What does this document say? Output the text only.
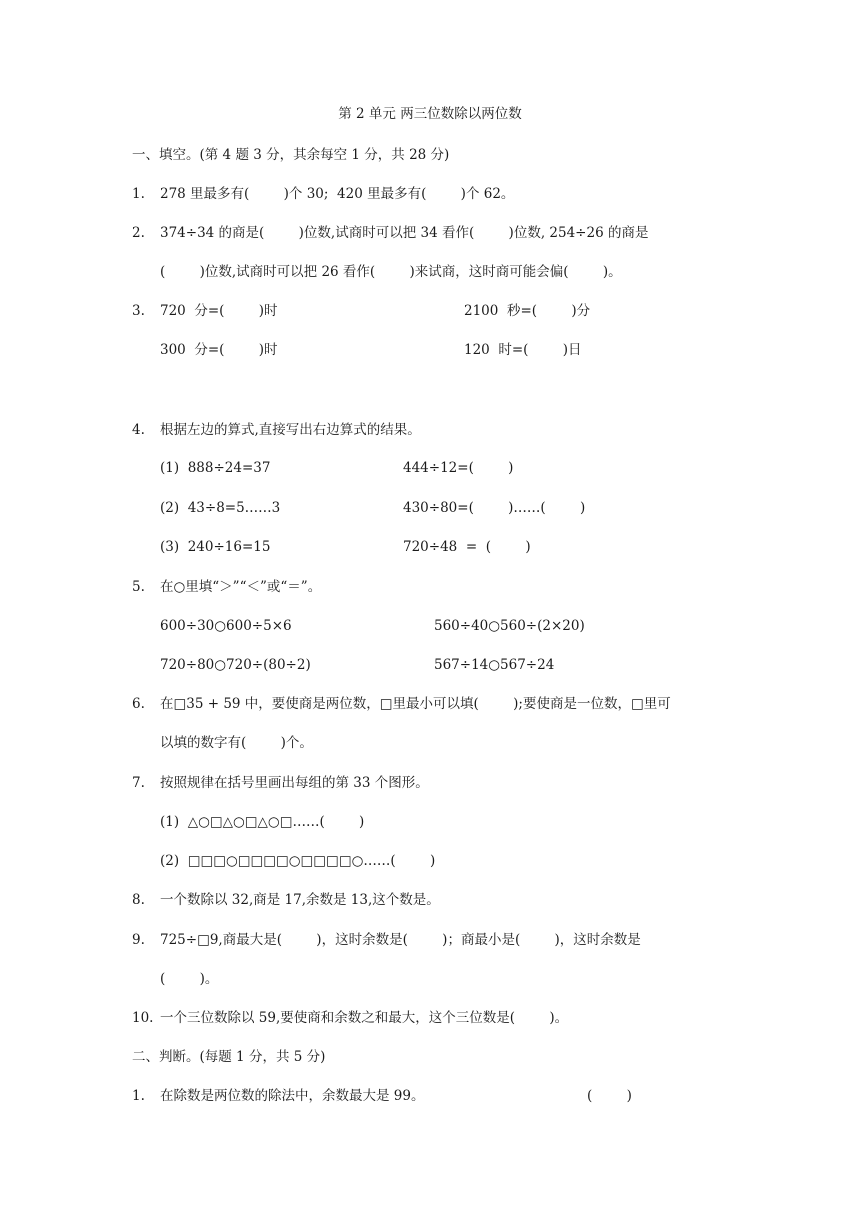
第 2 单元 两三位数除以两位数
一、填空。(第 4 题 3 分，其余每空 1 分，共 28 分)
1. 278 里最多有(        )个 30;  420 里最多有(        )个 62。
2. 374÷34 的商是(        )位数,试商时可以把 34 看作(        )位数, 254÷26 的商是
(        )位数,试商时可以把 26 看作(        )来试商，这时商可能会偏(        )。
3. 720  分=(        )时	2100  秒=(        )分
300  分=(        )时	120  时=(        )日
4. 根据左边的算式,直接写出右边算式的结果。
(1)  888÷24=37	444÷12=(        )
(2)  43÷8=5……3	430÷80=(        )……(        )
(3)  240÷16=15	720÷48  =  (        )
5. 在○里填“＞”“＜”或“＝”。
600÷30○600÷5×6	560÷40○560÷(2×20)
720÷80○720÷(80÷2)	567÷14○567÷24
6. 在□35 + 59 中，要使商是两位数，□里最小可以填(        );要使商是一位数，□里可
以填的数字有(        )个。
7. 按照规律在括号里画出每组的第 33 个图形。
(1)  △○□△○□△○□……(        )
(2)  □□□○□□□□○□□□□○……(        )
8. 一个数除以 32,商是 17,余数是 13,这个数是。
9. 725÷□9,商最大是(        )，这时余数是(        )；商最小是(        )，这时余数是
(        )。
10. 一个三位数除以 59,要使商和余数之和最大，这个三位数是(        )。
二、判断。(每题 1 分，共 5 分)
1. 在除数是两位数的除法中，余数最大是 99。	(        )
